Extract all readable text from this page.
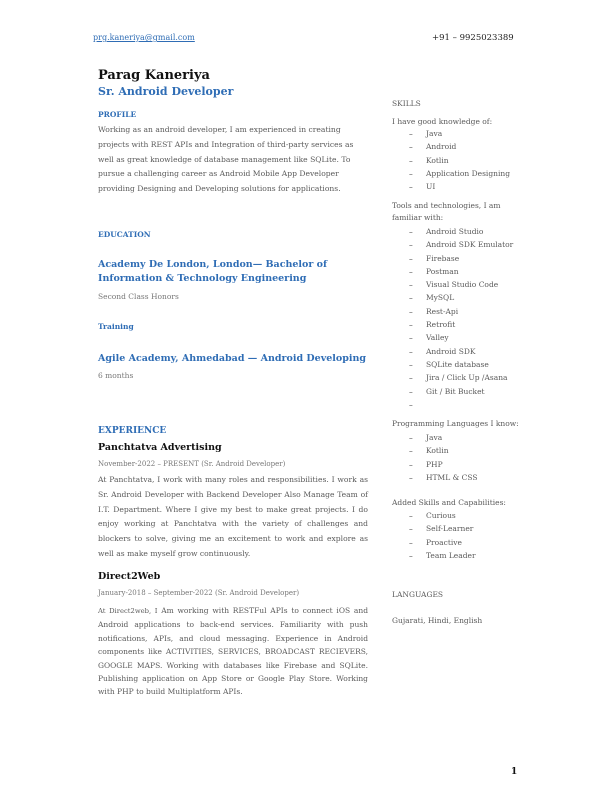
prg.kaneriya@gmail.com	+91 – 9925023389
Parag Kaneriya
Sr. Android Developer
PROFILE
Working as an android developer, I am experienced in creating projects with REST APIs and Integration of third-party services as well as great knowledge of database management like SQLite. To pursue a challenging career as Android Mobile App Developer providing Designing and Developing solutions for applications.
EDUCATION
Academy De London, London— Bachelor of Information & Technology Engineering
Second Class Honors
Training
Agile Academy, Ahmedabad — Android Developing
6 months
EXPERIENCE
Panchtatva Advertising
November-2022 – PRESENT (Sr. Android Developer)
At Panchtatva, I work with many roles and responsibilities. I work as Sr. Android Developer with Backend Developer Also Manage Team of I.T. Department. Where I give my best to make great projects. I do enjoy working at Panchtatva with the variety of challenges and blockers to solve, giving me an excitement to work and explore as well as make myself grow continuously.
Direct2Web
January-2018 – September-2022 (Sr. Android Developer)
At Direct2web, I Am working with RESTFul APIs to connect iOS and Android applications to back-end services. Familiarity with push notifications, APIs, and cloud messaging. Experience in Android components like ACTIVITIES, SERVICES, BROADCAST RECIEVERS, GOOGLE MAPS. Working with databases like Firebase and SQLite. Publishing application on App Store or Google Play Store. Working with PHP to build Multiplatform APIs.
SKILLS
I have good knowledge of:
– Java
– Android
– Kotlin
– Application Designing
– UI
Tools and technologies, I am familiar with:
– Android Studio
– Android SDK Emulator
– Firebase
– Postman
– Visual Studio Code
– MySQL
– Rest-Api
– Retrofit
– Valley
– Android SDK
– SQLite database
– Jira / Click Up /Asana
– Git / Bit Bucket
–
Programming Languages I know:
– Java
– Kotlin
– PHP
– HTML & CSS
Added Skills and Capabilities:
– Curious
– Self-Learner
– Proactive
– Team Leader
LANGUAGES
Gujarati, Hindi, English
1
